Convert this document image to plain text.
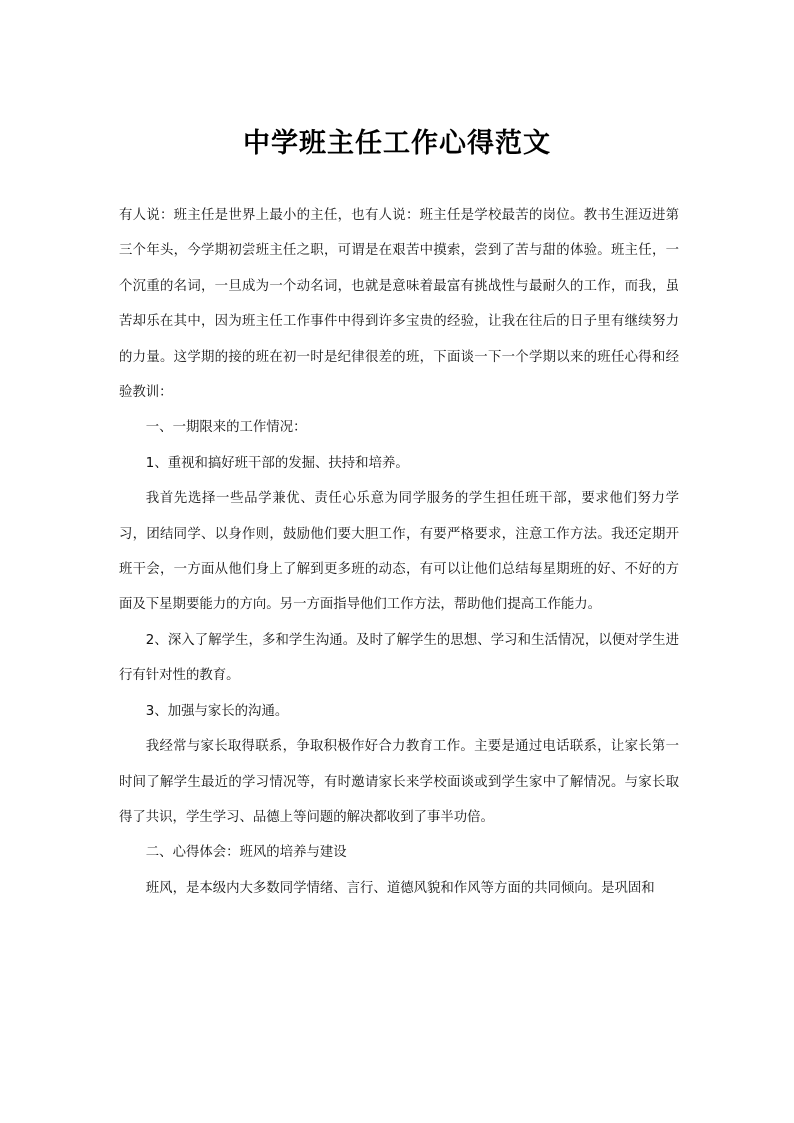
中学班主任工作心得范文

有人说：班主任是世界上最小的主任，也有人说：班主任是学校最苦的岗位。教书生涯迈进第三个年头，今学期初尝班主任之职，可谓是在艰苦中摸索，尝到了苦与甜的体验。班主任，一个沉重的名词，一旦成为一个动名词，也就是意味着最富有挑战性与最耐久的工作，而我，虽苦却乐在其中，因为班主任工作事件中得到许多宝贵的经验，让我在往后的日子里有继续努力的力量。这学期的接的班在初一时是纪律很差的班，下面谈一下一个学期以来的班任心得和经验教训：

一、一期限来的工作情况：

1、重视和搞好班干部的发掘、扶持和培养。

我首先选择一些品学兼优、责任心乐意为同学服务的学生担任班干部，要求他们努力学习，团结同学、以身作则，鼓励他们要大胆工作，有要严格要求，注意工作方法。我还定期开班干会，一方面从他们身上了解到更多班的动态，有可以让他们总结每星期班的好、不好的方面及下星期要能力的方向。另一方面指导他们工作方法，帮助他们提高工作能力。

2、深入了解学生，多和学生沟通。及时了解学生的思想、学习和生活情况，以便对学生进行有针对性的教育。

3、加强与家长的沟通。

我经常与家长取得联系，争取积极作好合力教育工作。主要是通过电话联系，让家长第一时间了解学生最近的学习情况等，有时邀请家长来学校面谈或到学生家中了解情况。与家长取得了共识，学生学习、品德上等问题的解决都收到了事半功倍。

二、心得体会：班风的培养与建设

班风，是本级内大多数同学情绪、言行、道德风貌和作风等方面的共同倾向。是巩固和
